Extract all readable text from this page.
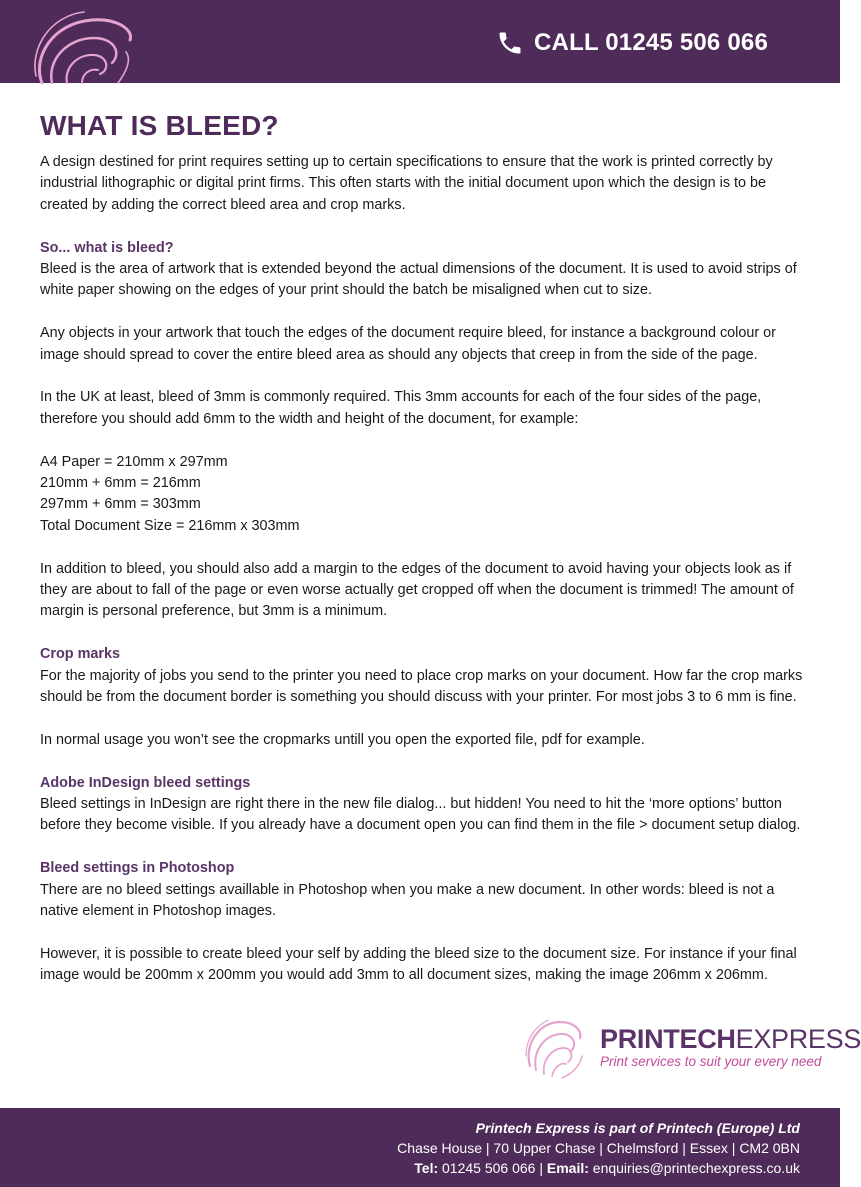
CALL 01245 506 066
WHAT IS BLEED?

A design destined for print requires setting up to certain specifications to ensure that the work is printed correctly by industrial lithographic or digital print firms. This often starts with the initial document upon which the design is to be created by adding the correct bleed area and crop marks.

So... what is bleed?

Bleed is the area of artwork that is extended beyond the actual dimensions of the document. It is used to avoid strips of white paper showing on the edges of your print should the batch be misaligned when cut to size.

Any objects in your artwork that touch the edges of the document require bleed, for instance a background colour or image should spread to cover the entire bleed area as should any objects that creep in from the side of the page.

In the UK at least, bleed of 3mm is commonly required. This 3mm accounts for each of the four sides of the page, therefore you should add 6mm to the width and height of the document, for example:

A4 Paper = 210mm x 297mm

210mm + 6mm = 216mm

297mm + 6mm = 303mm

Total Document Size = 216mm x 303mm

In addition to bleed, you should also add a margin to the edges of the document to avoid having your objects look as if they are about to fall of the page or even worse actually get cropped off when the document is trimmed! The amount of margin is personal preference, but 3mm is a minimum.

Crop marks

For the majority of jobs you send to the printer you need to place crop marks on your document. How far the crop marks should be from the document border is something you should discuss with your printer. For most jobs 3 to 6 mm is fine.

In normal usage you won’t see the cropmarks untill you open the exported file, pdf for example.

Adobe InDesign bleed settings

Bleed settings in InDesign are right there in the new file dialog... but hidden! You need to hit the ‘more options’ button before they become visible. If you already have a document open you can find them in the file > document setup dialog.

Bleed settings in Photoshop

There are no bleed settings availlable in Photoshop when you make a new document. In other words: bleed is not a native element in Photoshop images.

However, it is possible to create bleed your self by adding the bleed size to the document size. For instance if your final image would be 200mm x 200mm you would add 3mm to all document sizes, making the image 206mm x 206mm.

PRINTECHEXPRESS
Print services to suit your every need
Printech Express is part of Printech (Europe) Ltd
Chase House | 70 Upper Chase | Chelmsford | Essex | CM2 0BN
Tel: 01245 506 066 | Email: enquiries@printechexpress.co.uk
